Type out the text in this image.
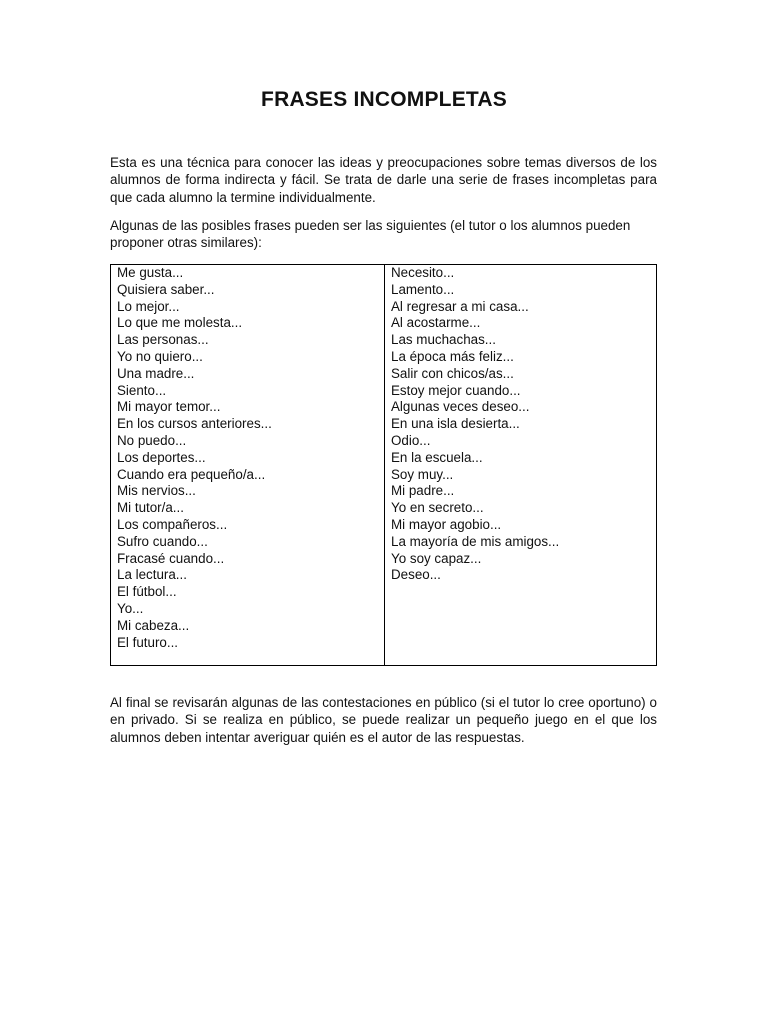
FRASES INCOMPLETAS
Esta es una técnica para conocer las ideas y preocupaciones sobre temas diversos de los alumnos de forma indirecta y fácil. Se trata de darle una serie de frases incompletas para que cada alumno la termine individualmente.
Algunas de las posibles frases pueden ser las siguientes (el tutor o los alumnos pueden proponer otras similares):
Me gusta...
Quisiera saber...
Lo mejor...
Lo que me molesta...
Las personas...
Yo no quiero...
Una madre...
Siento...
Mi mayor temor...
En los cursos anteriores...
No puedo...
Los deportes...
Cuando era pequeño/a...
Mis nervios...
Mi tutor/a...
Los compañeros...
Sufro cuando...
Fracasé cuando...
La lectura...
El fútbol...
Yo...
Mi cabeza...
El futuro...
Necesito...
Lamento...
Al regresar a mi casa...
Al acostarme...
Las muchachas...
La época más feliz...
Salir con chicos/as...
Estoy mejor cuando...
Algunas veces deseo...
En una isla desierta...
Odio...
En la escuela...
Soy muy...
Mi padre...
Yo en secreto...
Mi mayor agobio...
La mayoría de mis amigos...
Yo soy capaz...
Deseo...
Al final se revisarán algunas de las contestaciones en público (si el tutor lo cree oportuno) o en privado. Si se realiza en público, se puede realizar un pequeño juego en el que los alumnos deben intentar averiguar quién es el autor de las respuestas.
